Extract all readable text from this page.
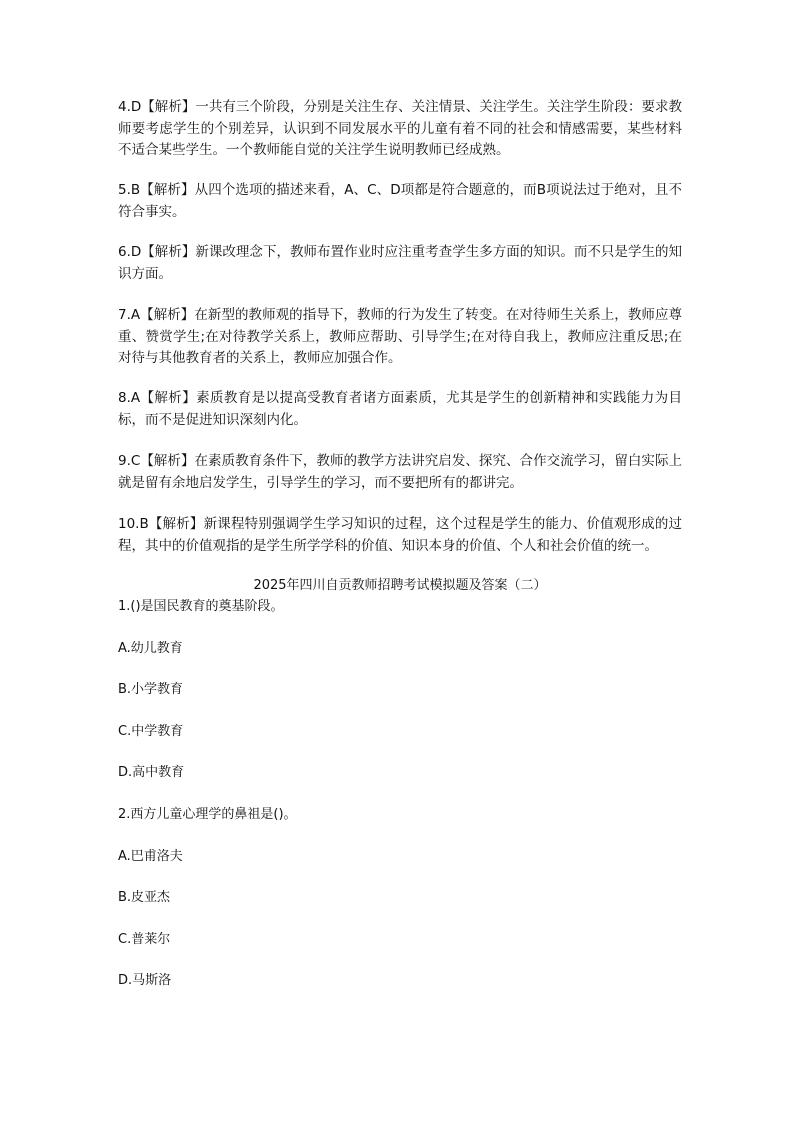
4.D【解析】一共有三个阶段，分别是关注生存、关注情景、关注学生。关注学生阶段：要求教师要考虑学生的个别差异，认识到不同发展水平的儿童有着不同的社会和情感需要，某些材料不适合某些学生。一个教师能自觉的关注学生说明教师已经成熟。

5.B【解析】从四个选项的描述来看，A、C、D项都是符合题意的，而B项说法过于绝对，且不符合事实。

6.D【解析】新课改理念下，教师布置作业时应注重考查学生多方面的知识。而不只是学生的知识方面。

7.A【解析】在新型的教师观的指导下，教师的行为发生了转变。在对待师生关系上，教师应尊重、赞赏学生;在对待教学关系上，教师应帮助、引导学生;在对待自我上，教师应注重反思;在对待与其他教育者的关系上，教师应加强合作。

8.A【解析】素质教育是以提高受教育者诸方面素质，尤其是学生的创新精神和实践能力为目标，而不是促进知识深刻内化。

9.C【解析】在素质教育条件下，教师的教学方法讲究启发、探究、合作交流学习，留白实际上就是留有余地启发学生，引导学生的学习，而不要把所有的都讲完。

10.B【解析】新课程特别强调学生学习知识的过程，这个过程是学生的能力、价值观形成的过程，其中的价值观指的是学生所学学科的价值、知识本身的价值、个人和社会价值的统一。

2025年四川自贡教师招聘考试模拟题及答案（二）

1.()是国民教育的奠基阶段。

A.幼儿教育

B.小学教育

C.中学教育

D.高中教育

2.西方儿童心理学的鼻祖是()。

A.巴甫洛夫

B.皮亚杰

C.普莱尔

D.马斯洛
